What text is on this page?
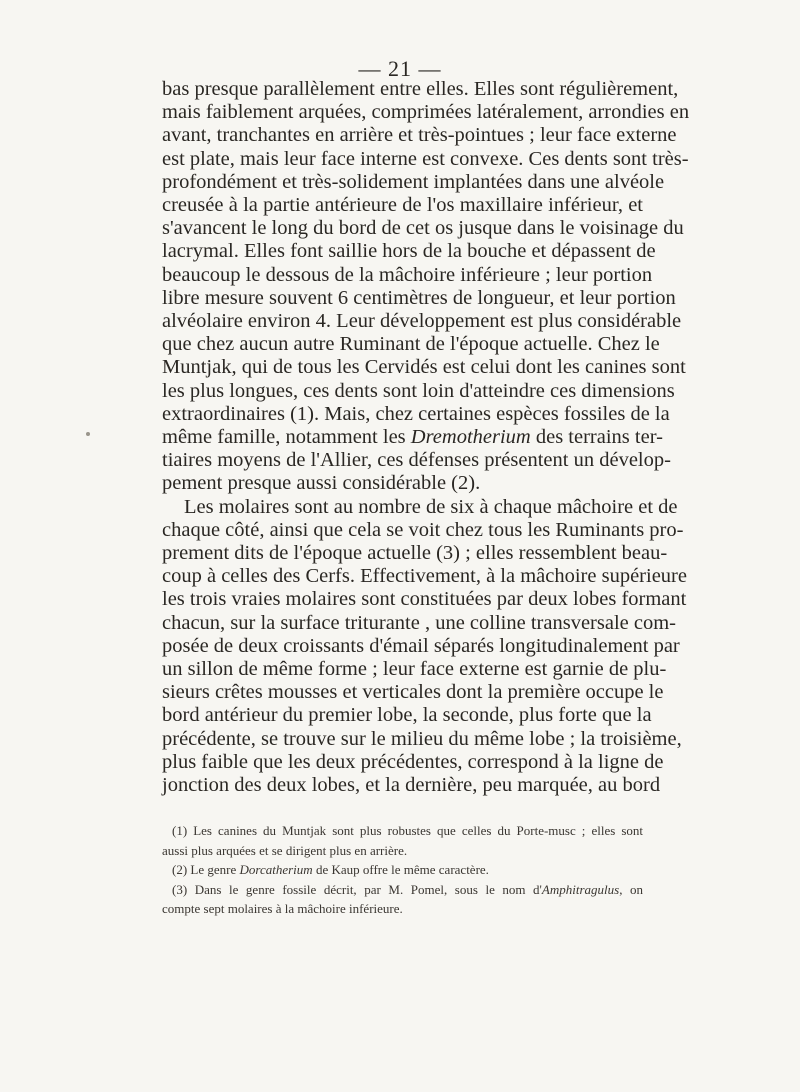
— 21 —
bas presque parallèlement entre elles. Elles sont régulièrement,
mais faiblement arquées, comprimées latéralement, arrondies en
avant, tranchantes en arrière et très-pointues ; leur face externe
est plate, mais leur face interne est convexe. Ces dents sont très-
profondément et très-solidement implantées dans une alvéole
creusée à la partie antérieure de l'os maxillaire inférieur, et
s'avancent le long du bord de cet os jusque dans le voisinage du
lacrymal. Elles font saillie hors de la bouche et dépassent de
beaucoup le dessous de la mâchoire inférieure ; leur portion
libre mesure souvent 6 centimètres de longueur, et leur portion
alvéolaire environ 4. Leur développement est plus considérable
que chez aucun autre Ruminant de l'époque actuelle. Chez le
Muntjak, qui de tous les Cervidés est celui dont les canines sont
les plus longues, ces dents sont loin d'atteindre ces dimensions
extraordinaires (1). Mais, chez certaines espèces fossiles de la
même famille, notamment les Dremotherium des terrains ter-
tiaires moyens de l'Allier, ces défenses présentent un dévelop-
pement presque aussi considérable (2).
Les molaires sont au nombre de six à chaque mâchoire et de
chaque côté, ainsi que cela se voit chez tous les Ruminants pro-
prement dits de l'époque actuelle (3) ; elles ressemblent beau-
coup à celles des Cerfs. Effectivement, à la mâchoire supérieure
les trois vraies molaires sont constituées par deux lobes formant
chacun, sur la surface triturante , une colline transversale com-
posée de deux croissants d'émail séparés longitudinalement par
un sillon de même forme ; leur face externe est garnie de plu-
sieurs crêtes mousses et verticales dont la première occupe le
bord antérieur du premier lobe, la seconde, plus forte que la
précédente, se trouve sur le milieu du même lobe ; la troisième,
plus faible que les deux précédentes, correspond à la ligne de
jonction des deux lobes, et la dernière, peu marquée, au bord
(1) Les canines du Muntjak sont plus robustes que celles du Porte-musc ; elles sont
aussi plus arquées et se dirigent plus en arrière.
(2) Le genre Dorcatherium de Kaup offre le même caractère.
(3) Dans le genre fossile décrit, par M. Pomel, sous le nom d'Amphitragulus, on
compte sept molaires à la mâchoire inférieure.
